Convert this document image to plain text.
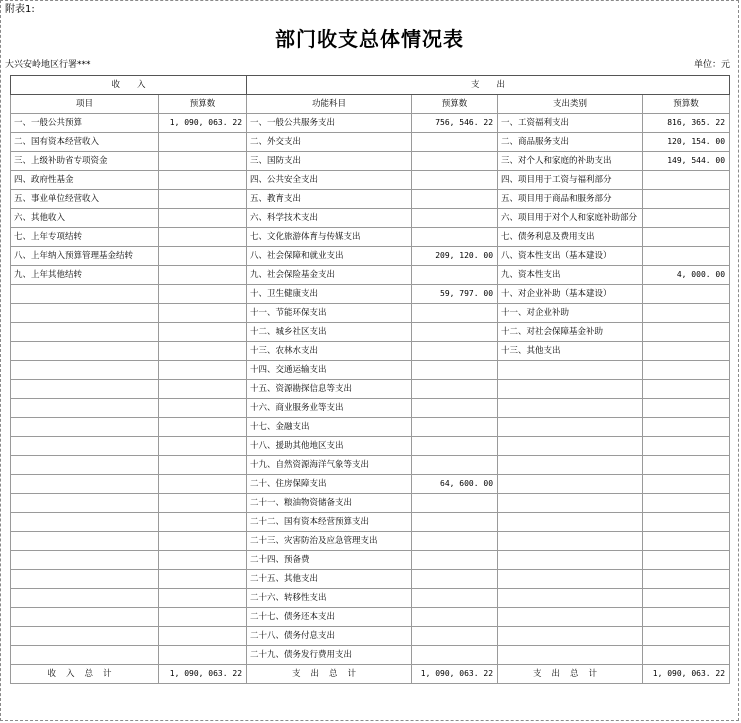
附表1:
部门收支总体情况表
大兴安岭地区行署***	单位：元
收　　入		支　　出			
项目	预算数	功能科目	预算数	支出类别	预算数
一、一般公共预算	1, 090, 063. 22	一、一般公共服务支出	756, 546. 22	一、工资福利支出	816, 365. 22
二、国有资本经营收入		二、外交支出		二、商品服务支出	120, 154. 00
三、上级补助省专项资金		三、国防支出		三、对个人和家庭的补助支出	149, 544. 00
四、政府性基金		四、公共安全支出		四、项目用于工资与福利部分	
五、事业单位经营收入		五、教育支出		五、项目用于商品和服务部分	
六、其他收入		六、科学技术支出		六、项目用于对个人和家庭补助部分	
七、上年专项结转		七、文化旅游体育与传媒支出		七、债务利息及费用支出	
八、上年纳入预算管理基金结转		八、社会保障和就业支出	209, 120. 00	八、资本性支出（基本建设）	
九、上年其他结转		九、社会保险基金支出		九、资本性支出	4, 000. 00
		十、卫生健康支出	59, 797. 00	十、对企业补助（基本建设）	
		十一、节能环保支出		十一、对企业补助	
		十二、城乡社区支出		十二、对社会保障基金补助	
		十三、农林水支出		十三、其他支出	
		十四、交通运输支出			
		十五、资源勘探信息等支出			
		十六、商业服务业等支出			
		十七、金融支出			
		十八、援助其他地区支出			
		十九、自然资源海洋气象等支出			
		二十、住房保障支出	64, 600. 00		
		二十一、粮油物资储备支出			
		二十二、国有资本经营预算支出			
		二十三、灾害防治及应急管理支出			
		二十四、预备费			
		二十五、其他支出			
		二十六、转移性支出			
		二十七、债务还本支出			
		二十八、债务付息支出			
		二十九、债务发行费用支出			
收入总计	1, 090, 063. 22	支出总计	1, 090, 063. 22	支出总计	1, 090, 063. 22
